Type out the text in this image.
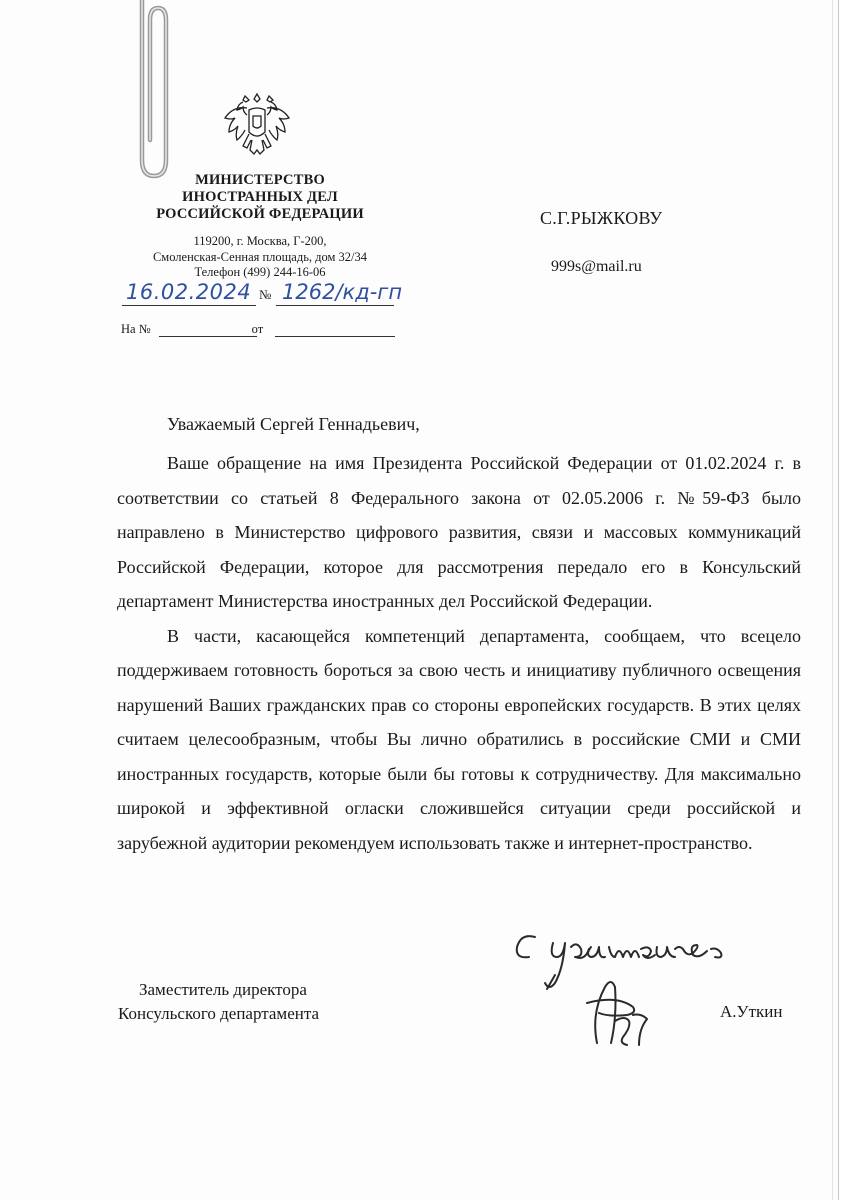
МИНИСТЕРСТВО
ИНОСТРАННЫХ ДЕЛ
РОССИЙСКОЙ ФЕДЕРАЦИИ
119200, г. Москва, Г-200,
Смоленская-Сенная площадь, дом 32/34
Телефон (499) 244-16-06
16.02.2024 № 1262/кд-гп
На №	от
С.Г.РЫЖКОВУ
999s@mail.ru
Уважаемый Сергей Геннадьевич,

Ваше обращение на имя Президента Российской Федерации от 01.02.2024 г. в соответствии со статьей 8 Федерального закона от 02.05.2006 г. №59-ФЗ было направлено в Министерство цифрового развития, связи и массовых коммуникаций Российской Федерации, которое для рассмотрения передало его в Консульский департамент Министерства иностранных дел Российской Федерации.

В части, касающейся компетенций департамента, сообщаем, что всецело поддерживаем готовность бороться за свою честь и инициативу публичного освещения нарушений Ваших гражданских прав со стороны европейских государств. В этих целях считаем целесообразным, чтобы Вы лично обратились в российские СМИ и СМИ иностранных государств, которые были бы готовы к сотрудничеству. Для максимально широкой и эффективной огласки сложившейся ситуации среди российской и зарубежной аудитории рекомендуем использовать также и интернет-пространство.

Заместитель директора
Консульского департамента	А.Уткин
